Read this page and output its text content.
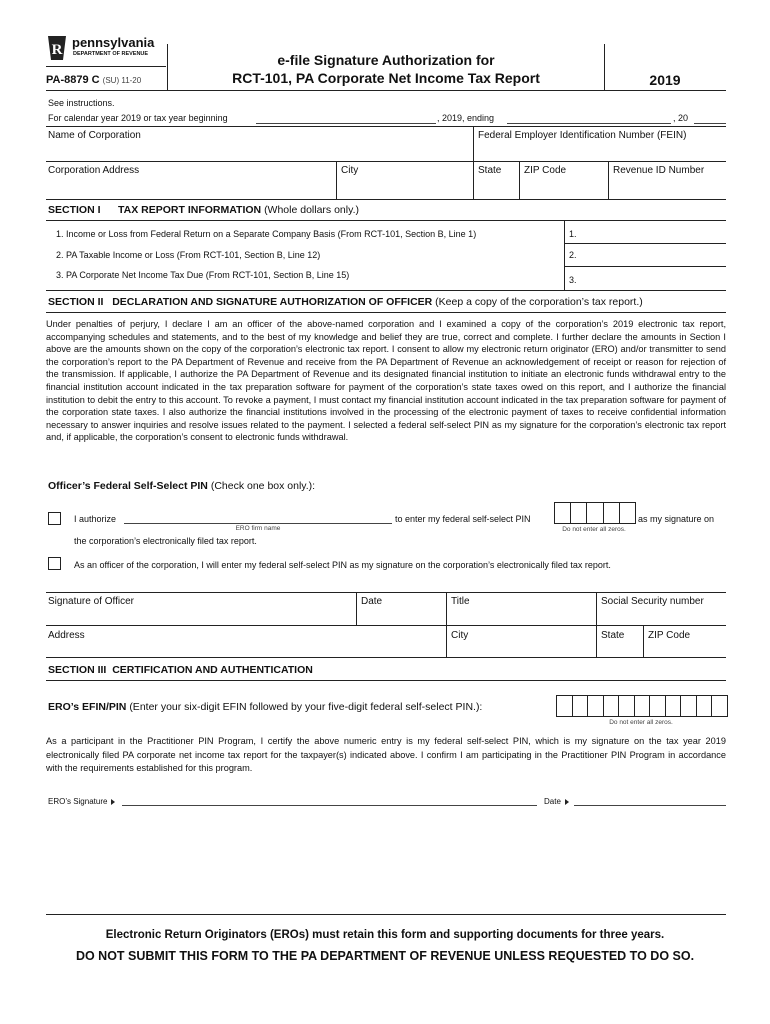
R pennsylvania
DEPARTMENT OF REVENUE
PA-8879 C (SU) 11-20
e-file Signature Authorization for
RCT-101, PA Corporate Net Income Tax Report	2019
See instructions.
For calendar year 2019 or tax year beginning	, 2019, ending	, 20
Name of Corporation	Federal Employer Identification Number (FEIN)
Corporation Address	City	State ZIP Code	Revenue ID Number
SECTION I TAX REPORT INFORMATION (Whole dollars only.)
1. Income or Loss from Federal Return on a Separate Company Basis (From RCT-101, Section B, Line 1)	1.
2. PA Taxable Income or Loss (From RCT-101, Section B, Line 12)	2.
3. PA Corporate Net Income Tax Due (From RCT-101, Section B, Line 15)	3.
SECTION II DECLARATION AND SIGNATURE AUTHORIZATION OF OFFICER (Keep a copy of the corporation’s tax report.)
Under penalties of perjury, I declare I am an officer of the above-named corporation and I examined a copy of the corporation’s 2019 electronic tax report, accompanying schedules and statements, and to the best of my knowledge and belief they are true, correct and complete. I further declare the amounts in Section I above are the amounts shown on the copy of the corporation’s electronic tax report. I consent to allow my electronic return originator (ERO) and/or transmitter to send the corporation’s report to the PA Department of Revenue and receive from the PA Department of Revenue an acknowledgement of receipt or reason for rejection of the transmission. If applicable, I authorize the PA Department of Revenue and its designated financial institution to initiate an electronic funds withdrawal entry to the financial institution account indicated in the tax preparation software for payment of the corporation’s state taxes owed on this report, and I authorize the financial institution to debit the entry to this account. To revoke a payment, I must contact my financial institution account indicated in the tax preparation software for payment of the corporation state taxes. I also authorize the financial institutions involved in the processing of the electronic payment of taxes to receive confidential information necessary to answer inquiries and resolve issues related to the payment. I selected a federal self-select PIN as my signature for the corporation’s electronic tax report and, if applicable, the corporation’s consent to electronic funds withdrawal.
Officer’s Federal Self-Select PIN (Check one box only.):
I authorize
ERO firm name
to enter my federal self-select PIN
Do not enter all zeros.
as my signature on
the corporation’s electronically filed tax report.
As an officer of the corporation, I will enter my federal self-select PIN as my signature on the corporation’s electronically filed tax report.
Signature of Officer	Date	Title	Social Security number
Address	City	State ZIP Code
SECTION III CERTIFICATION AND AUTHENTICATION
ERO’s EFIN/PIN (Enter your six-digit EFIN followed by your five-digit federal self-select PIN.):
Do not enter all zeros.
As a participant in the Practitioner PIN Program, I certify the above numeric entry is my federal self-select PIN, which is my signature on the tax year 2019 electronically filed PA corporate net income tax report for the taxpayer(s) indicated above. I confirm I am participating in the Practitioner PIN Program in accordance with the requirements established for this program.
ERO’s Signature	Date
Electronic Return Originators (EROs) must retain this form and supporting documents for three years.
DO NOT SUBMIT THIS FORM TO THE PA DEPARTMENT OF REVENUE UNLESS REQUESTED TO DO SO.
